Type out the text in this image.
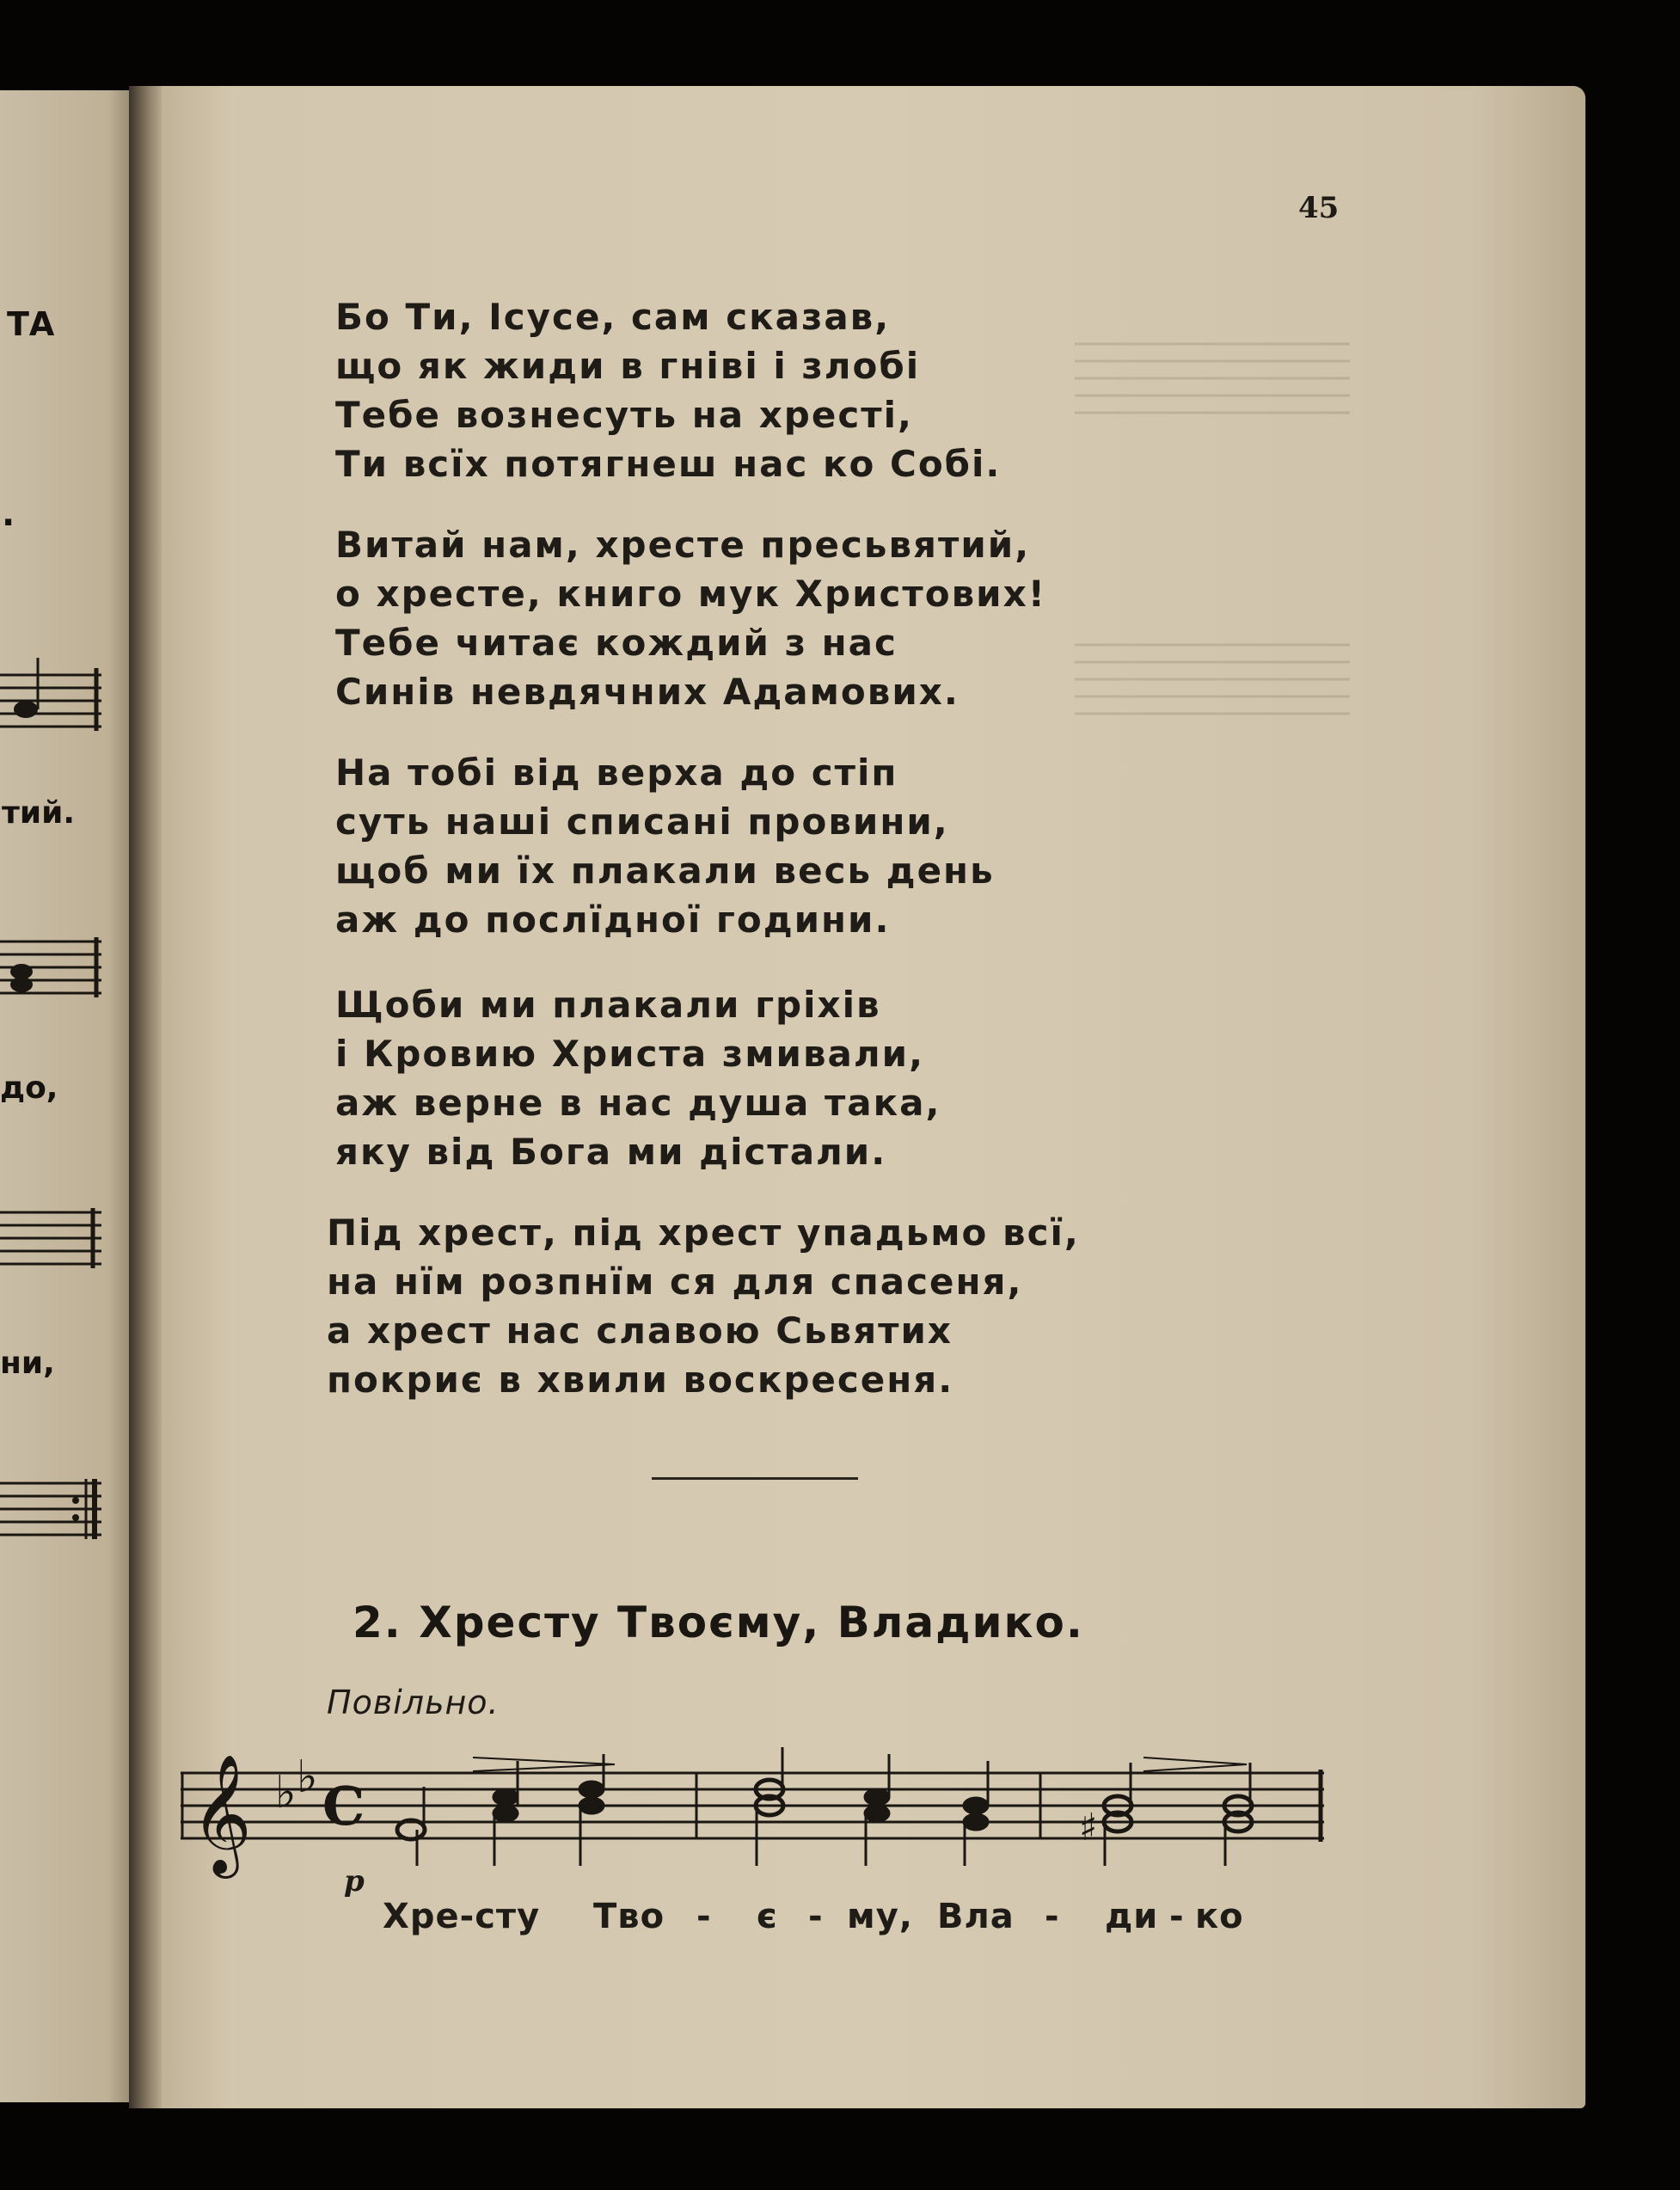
ТА
.
тий.
до,
ни,
45
Бо Ти, Ісусе, сам сказав,
що як жиди в гніві і злобі
Тебе вознесуть на хресті,
Ти всїх потягнеш нас ко Собі.
Витай нам, хресте пресьвятий,
о хресте, книго мук Христових!
Тебе читає кождий з нас
Синів невдячних Адамових.
На тобі від верха до стіп
суть наші списані провини,
щоб ми їх плакали весь день
аж до послїдної години.
Щоби ми плакали гріхів
і Кровию Христа змивали,
аж верне в нас душа така,
яку від Бога ми дістали.
Під хрест, під хрест упадьмо всї,
на нїм розпнїм ся для спасеня,
а хрест нас славою Сьвятих
покриє в хвили воскресеня.
2. Хресту Твоєму, Владико.
Повільно.
𝄞 ♭ ♭ C	♯
p
Хре-сту Тво - є - му, Вла - ди - ко
